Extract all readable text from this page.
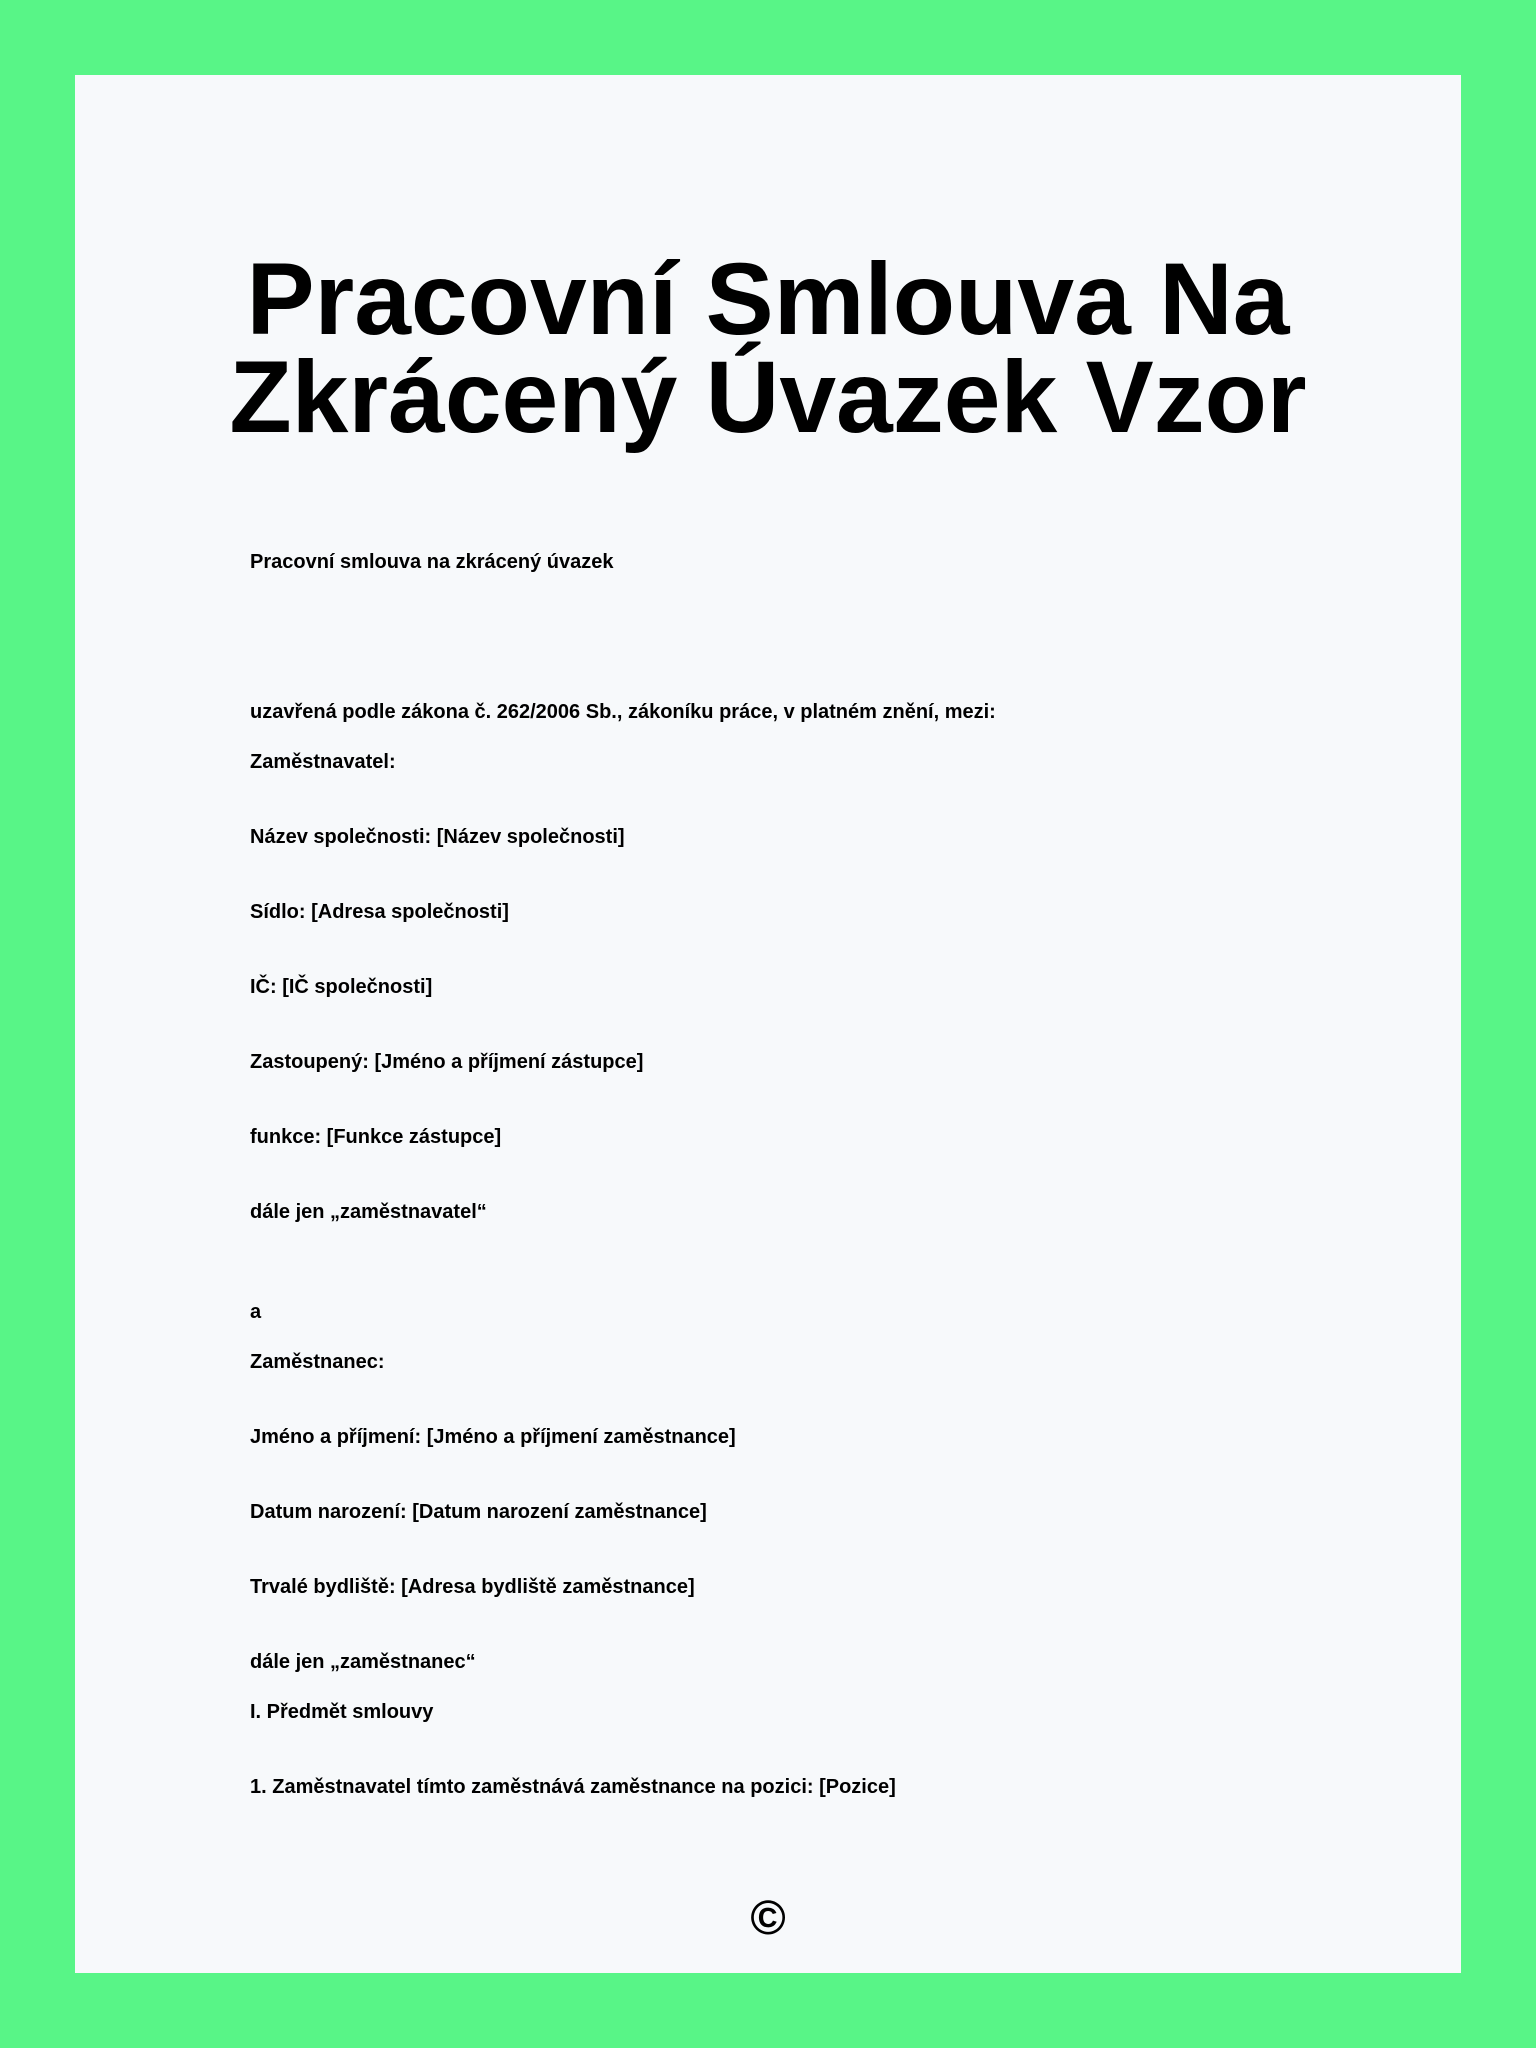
Pracovní Smlouva Na
Zkrácený Úvazek Vzor
Pracovní smlouva na zkrácený úvazek
uzavřená podle zákona č. 262/2006 Sb., zákoníku práce, v platném znění, mezi:
Zaměstnavatel:
Název společnosti: [Název společnosti]
Sídlo: [Adresa společnosti]
IČ: [IČ společnosti]
Zastoupený: [Jméno a příjmení zástupce]
funkce: [Funkce zástupce]
dále jen „zaměstnavatel“
a
Zaměstnanec:
Jméno a příjmení: [Jméno a příjmení zaměstnance]
Datum narození: [Datum narození zaměstnance]
Trvalé bydliště: [Adresa bydliště zaměstnance]
dále jen „zaměstnanec“
I. Předmět smlouvy
1. Zaměstnavatel tímto zaměstnává zaměstnance na pozici: [Pozice]
©
